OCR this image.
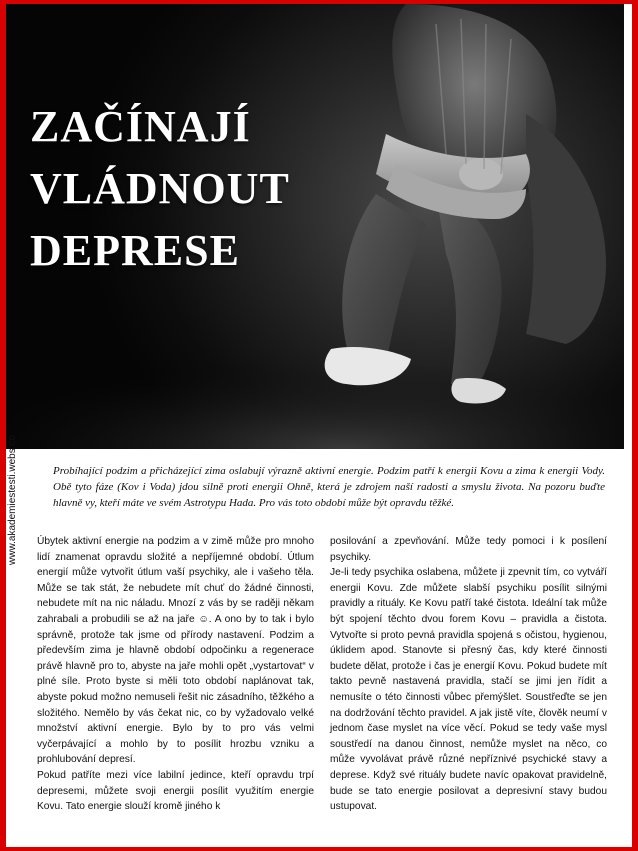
ZAČÍNAJÍ
VLÁDNOUT
DEPRESE
www.akademiestesti.webs.co	Probíhající podzim a přicházející zima oslabují výrazně aktivní energie. Podzim patří k energii Kovu a zima k energii Vody. Obě tyto fáze (Kov i Voda) jdou silně proti energii Ohně, která je zdrojem naší radosti a smyslu života. Na pozoru buďte hlavně vy, kteří máte ve svém Astrotypu Hada. Pro vás toto období může být opravdu těžké.

Úbytek aktivní energie na podzim a v zimě může pro mnoho lidí znamenat opravdu složité a nepříjemné období. Útlum energií může vytvořit útlum vaší psychiky, ale i vašeho těla. Může se tak stát, že nebudete mít chuť do žádné činnosti, nebudete mít na nic náladu. Mnozí z vás by se raději někam zahrabali a probudili se až na jaře ☺. A ono by to tak i bylo správně, protože tak jsme od přírody nastavení. Podzim a především zima je hlavně období odpočinku a regenerace právě hlavně pro to, abyste na jaře mohli opět „vystartovat“ v plné síle. Proto byste si měli toto období naplánovat tak, abyste pokud možno nemuseli řešit nic zásadního, těžkého a složitého. Nemělo by vás čekat nic, co by vyžadovalo velké množství aktivní energie. Bylo by to pro vás velmi vyčerpávající a mohlo by to posílit hrozbu vzniku a prohlubování depresí.

Pokud patříte mezi více labilní jedince, kteří opravdu trpí depresemi, můžete svoji energii posílit využitím energie Kovu. Tato energie slouží kromě jiného k

posilování a zpevňování. Může tedy pomoci i k posílení psychiky.

Je-li tedy psychika oslabena, můžete ji zpevnit tím, co vytváří energii Kovu. Zde můžete slabší psychiku posílit silnými pravidly a rituály. Ke Kovu patří také čistota. Ideální tak může být spojení těchto dvou forem Kovu – pravidla a čistota. Vytvořte si proto pevná pravidla spojená s očistou, hygienou, úklidem apod. Stanovte si přesný čas, kdy které činnosti budete dělat, protože i čas je energií Kovu. Pokud budete mít takto pevně nastavená pravidla, stačí se jimi jen řídit a nemusíte o této činnosti vůbec přemýšlet. Soustřeďte se jen na dodržování těchto pravidel. A jak jistě víte, člověk neumí v jednom čase myslet na více věcí. Pokud se tedy vaše mysl soustředí na danou činnost, nemůže myslet na něco, co může vyvolávat právě různé nepříznivé psychické stavy a deprese. Když své rituály budete navíc opakovat pravidelně, bude se tato energie posilovat a depresivní stavy budou ustupovat.
